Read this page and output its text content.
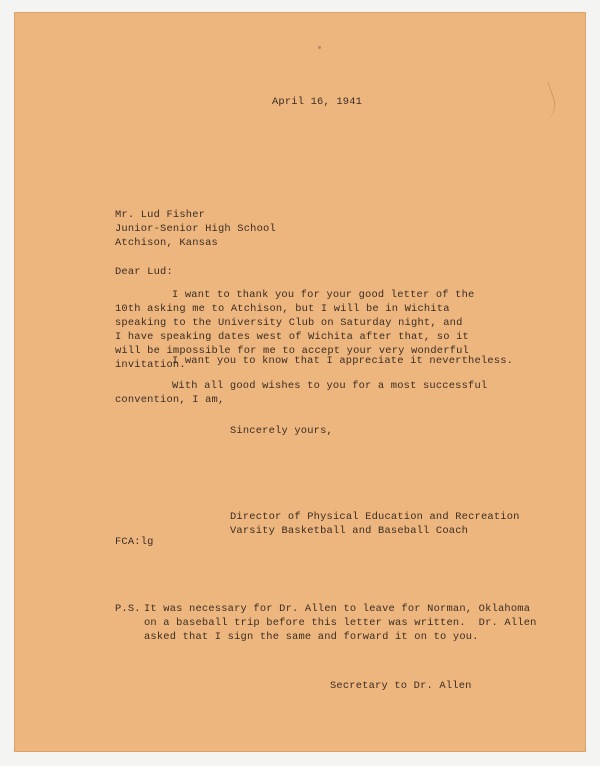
April 16, 1941
Mr. Lud Fisher
Junior-Senior High School
Atchison, Kansas
Dear Lud:
I want to thank you for your good letter of the
10th asking me to Atchison, but I will be in Wichita
speaking to the University Club on Saturday night, and
I have speaking dates west of Wichita after that, so it
will be impossible for me to accept your very wonderful
invitation.
I want you to know that I appreciate it nevertheless.
With all good wishes to you for a most successful
convention, I am,
Sincerely yours,
Director of Physical Education and Recreation
Varsity Basketball and Baseball Coach
FCA:lg
P.S. It was necessary for Dr. Allen to leave for Norman, Oklahoma
on a baseball trip before this letter was written.  Dr. Allen
asked that I sign the same and forward it on to you.
Secretary to Dr. Allen
